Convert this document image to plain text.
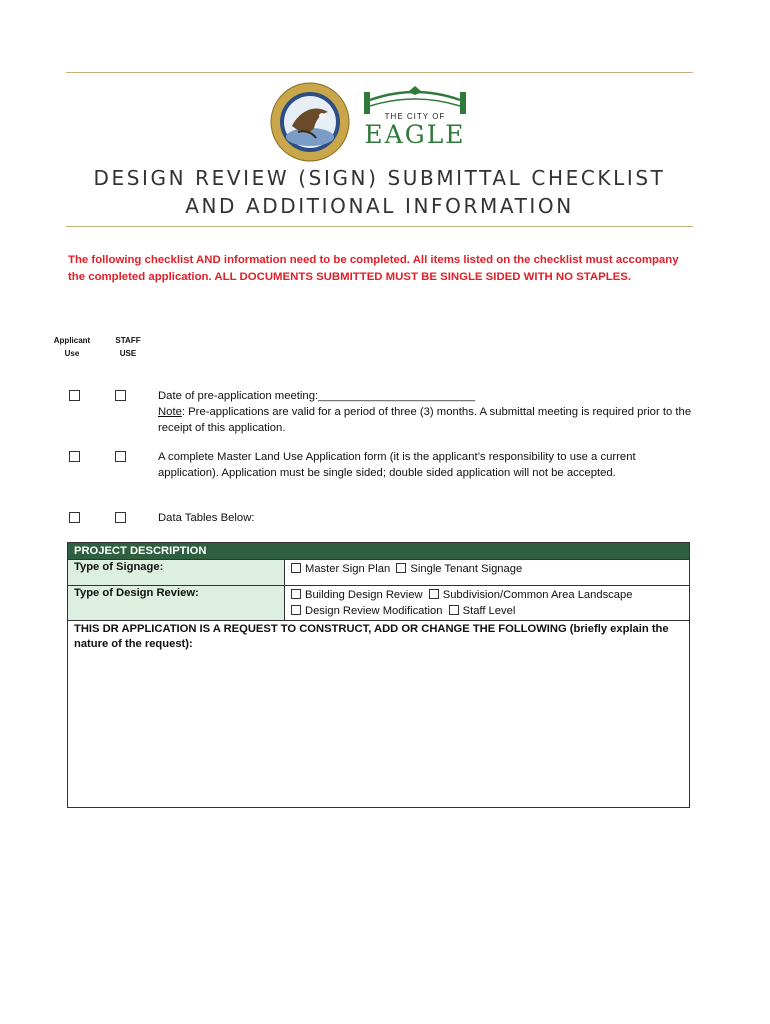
THE CITY OF
EAGLE
DESIGN REVIEW (SIGN) SUBMITTAL CHECKLIST AND ADDITIONAL INFORMATION
The following checklist AND information need to be completed. All items listed on the checklist must accompany the completed application. ALL DOCUMENTS SUBMITTED MUST BE SINGLE SIDED WITH NO STAPLES.
Applicant Use
STAFF USE
Date of pre-application meeting:_________________________
Note: Pre-applications are valid for a period of three (3) months. A submittal meeting is required prior to the receipt of this application.
A complete Master Land Use Application form (it is the applicant’s responsibility to use a current application). Application must be single sided; double sided application will not be accepted.
Data Tables Below:
PROJECT DESCRIPTION	
Type of Signage:	Master Sign Plan Single Tenant Signage
Type of Design Review:	Building Design Review Subdivision/Common Area Landscape
Design Review Modification Staff Level
THIS DR APPLICATION IS A REQUEST TO CONSTRUCT, ADD OR CHANGE THE FOLLOWING (briefly explain the nature of the request):	
